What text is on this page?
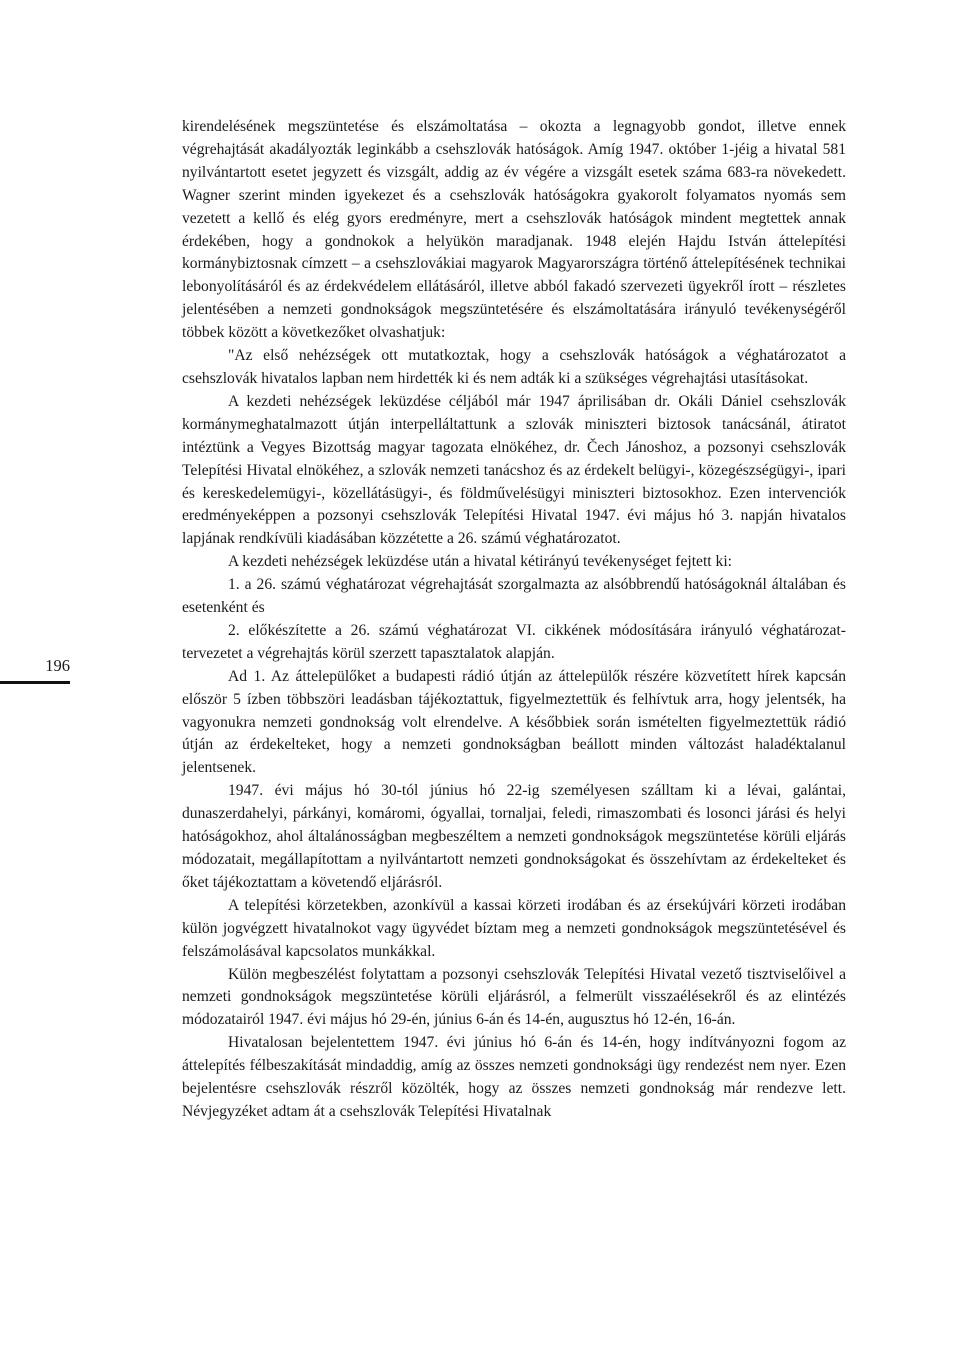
196

kirendelésének megszüntetése és elszámoltatása – okozta a legnagyobb gondot, illetve ennek végrehajtását akadályozták leginkább a csehszlovák hatóságok. Amíg 1947. október 1-jéig a hivatal 581 nyilvántartott esetet jegyzett és vizsgált, addig az év végére a vizsgált esetek száma 683-ra növekedett. Wagner szerint minden igyekezet és a csehszlovák hatóságokra gyakorolt folyamatos nyomás sem vezetett a kellő és elég gyors eredményre, mert a csehszlovák hatóságok mindent megtettek annak érdekében, hogy a gondnokok a helyükön maradjanak. 1948 elején Hajdu István áttelepítési kormánybiztosnak címzett – a csehszlovákiai magyarok Magyarországra történő áttelepítésének technikai lebonyolításáról és az érdekvédelem ellátásáról, illetve abból fakadó szervezeti ügyekről írott – részletes jelentésében a nemzeti gondnokságok megszüntetésére és elszámoltatására irányuló tevékenységéről többek között a következőket olvashatjuk:

"Az első nehézségek ott mutatkoztak, hogy a csehszlovák hatóságok a véghatározatot a csehszlovák hivatalos lapban nem hirdették ki és nem adták ki a szükséges végrehajtási utasításokat.

A kezdeti nehézségek leküzdése céljából már 1947 áprilisában dr. Okáli Dániel csehszlovák kormánymeghatalmazott útján interpelláltattunk a szlovák miniszteri biztosok tanácsánál, átiratot intéztünk a Vegyes Bizottság magyar tagozata elnökéhez, dr. Čech Jánoshoz, a pozsonyi csehszlovák Telepítési Hivatal elnökéhez, a szlovák nemzeti tanácshoz és az érdekelt belügyi-, közegészségügyi-, ipari és kereskedelemügyi-, közellátásügyi-, és földművelésügyi miniszteri biztosokhoz. Ezen intervenciók eredményeképpen a pozsonyi csehszlovák Telepítési Hivatal 1947. évi május hó 3. napján hivatalos lapjának rendkívüli kiadásában közzétette a 26. számú véghatározatot.

A kezdeti nehézségek leküzdése után a hivatal kétirányú tevékenységet fejtett ki:

1. a 26. számú véghatározat végrehajtását szorgalmazta az alsóbbrendű hatóságoknál általában és esetenként és

2. előkészítette a 26. számú véghatározat VI. cikkének módosítására irányuló véghatározat-tervezetet a végrehajtás körül szerzett tapasztalatok alapján.

Ad 1. Az áttelepülőket a budapesti rádió útján az áttelepülők részére közvetített hírek kapcsán először 5 ízben többszöri leadásban tájékoztattuk, figyelmeztettük és felhívtuk arra, hogy jelentsék, ha vagyonukra nemzeti gondnokság volt elrendelve. A későbbiek során ismételten figyelmeztettük rádió útján az érdekelteket, hogy a nemzeti gondnokságban beállott minden változást haladéktalanul jelentsenek.

1947. évi május hó 30-tól június hó 22-ig személyesen szálltam ki a lévai, galántai, dunaszerdahelyi, párkányi, komáromi, ógyallai, tornaljai, feledi, rimaszombati és losonci járási és helyi hatóságokhoz, ahol általánosságban megbeszéltem a nemzeti gondnokságok megszüntetése körüli eljárás módozatait, megállapítottam a nyilvántartott nemzeti gondnokságokat és összehívtam az érdekelteket és őket tájékoztattam a követendő eljárásról.

A telepítési körzetekben, azonkívül a kassai körzeti irodában és az érsekújvári körzeti irodában külön jogvégzett hivatalnokot vagy ügyvédet bíztam meg a nemzeti gondnokságok megszüntetésével és felszámolásával kapcsolatos munkákkal.

Külön megbeszélést folytattam a pozsonyi csehszlovák Telepítési Hivatal vezető tisztviselőivel a nemzeti gondnokságok megszüntetése körüli eljárásról, a felmerült visszaélésekről és az elintézés módozatairól 1947. évi május hó 29-én, június 6-án és 14-én, augusztus hó 12-én, 16-án.

Hivatalosan bejelentettem 1947. évi június hó 6-án és 14-én, hogy indítványozni fogom az áttelepítés félbeszakítását mindaddig, amíg az összes nemzeti gondnoksági ügy rendezést nem nyer. Ezen bejelentésre csehszlovák részről közölték, hogy az összes nemzeti gondnokság már rendezve lett. Névjegyzéket adtam át a csehszlovák Telepítési Hivatalnak
